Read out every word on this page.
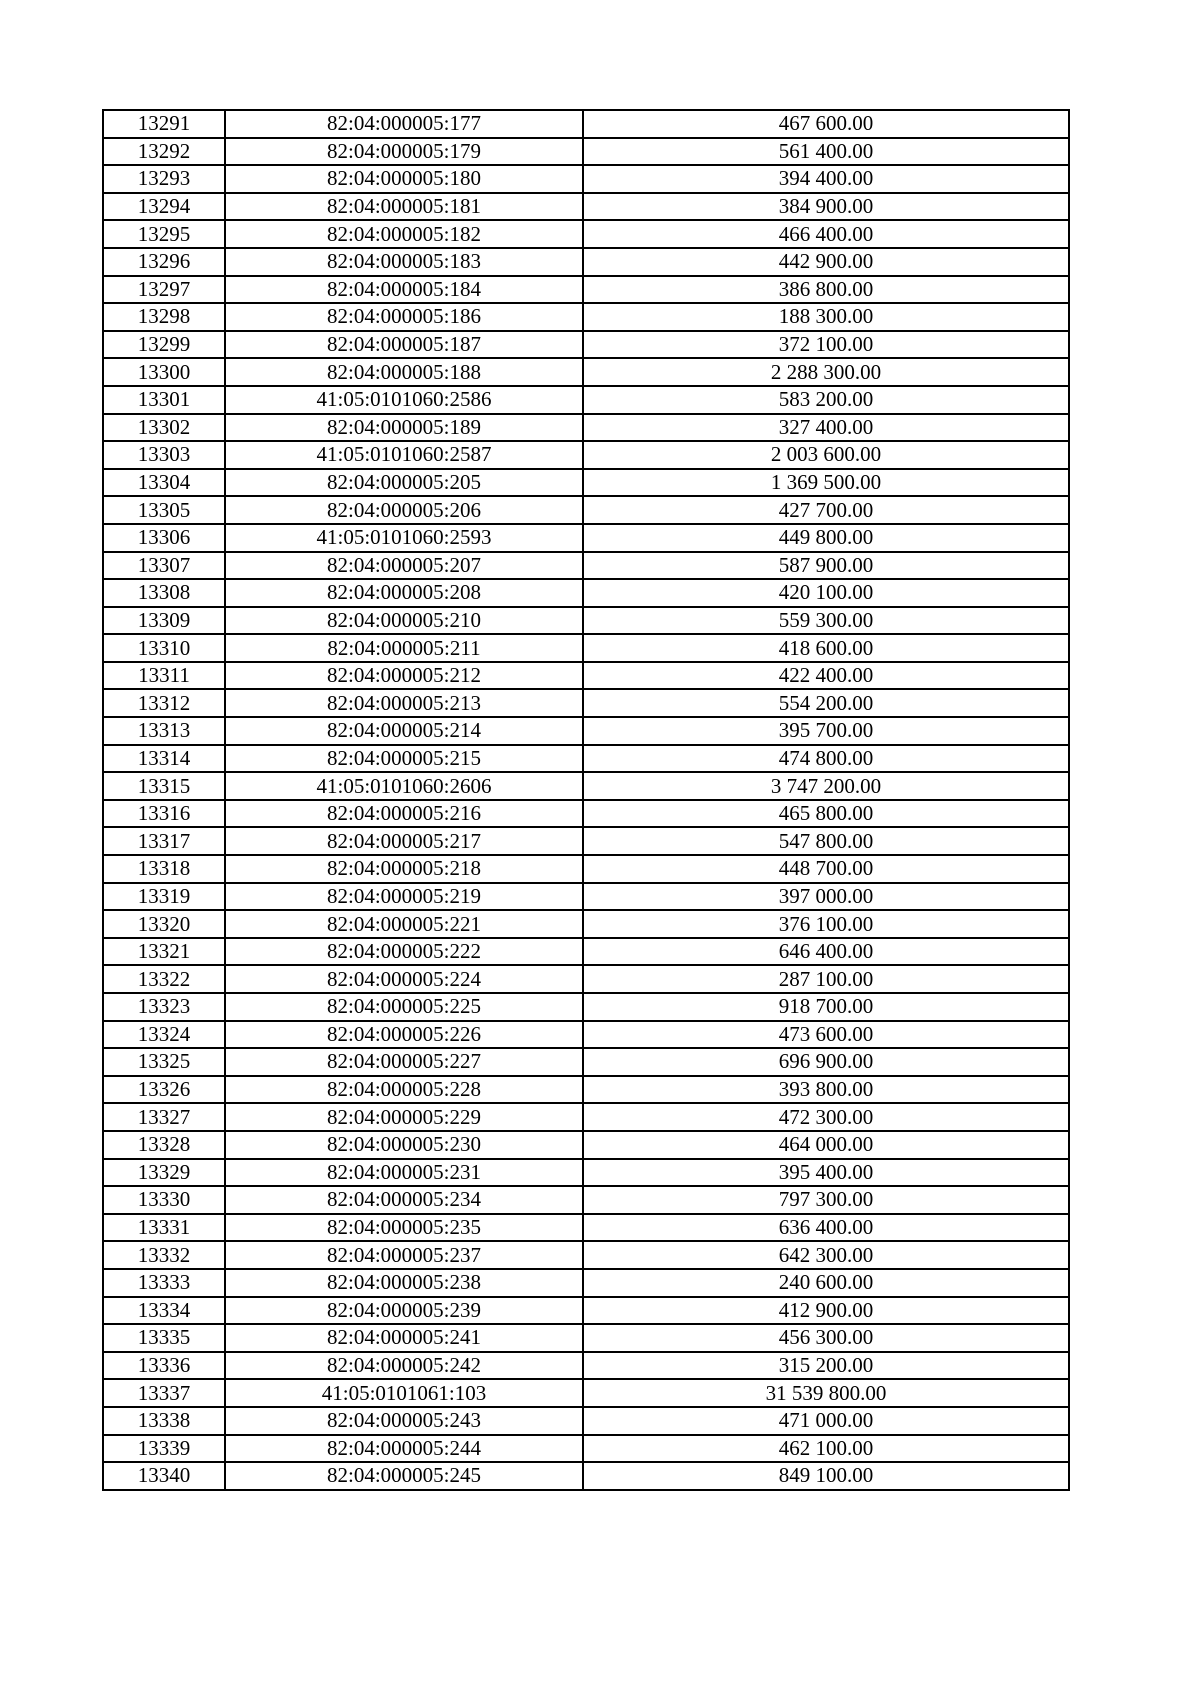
13291	82:04:000005:177	467 600.00
13292	82:04:000005:179	561 400.00
13293	82:04:000005:180	394 400.00
13294	82:04:000005:181	384 900.00
13295	82:04:000005:182	466 400.00
13296	82:04:000005:183	442 900.00
13297	82:04:000005:184	386 800.00
13298	82:04:000005:186	188 300.00
13299	82:04:000005:187	372 100.00
13300	82:04:000005:188	2 288 300.00
13301	41:05:0101060:2586	583 200.00
13302	82:04:000005:189	327 400.00
13303	41:05:0101060:2587	2 003 600.00
13304	82:04:000005:205	1 369 500.00
13305	82:04:000005:206	427 700.00
13306	41:05:0101060:2593	449 800.00
13307	82:04:000005:207	587 900.00
13308	82:04:000005:208	420 100.00
13309	82:04:000005:210	559 300.00
13310	82:04:000005:211	418 600.00
13311	82:04:000005:212	422 400.00
13312	82:04:000005:213	554 200.00
13313	82:04:000005:214	395 700.00
13314	82:04:000005:215	474 800.00
13315	41:05:0101060:2606	3 747 200.00
13316	82:04:000005:216	465 800.00
13317	82:04:000005:217	547 800.00
13318	82:04:000005:218	448 700.00
13319	82:04:000005:219	397 000.00
13320	82:04:000005:221	376 100.00
13321	82:04:000005:222	646 400.00
13322	82:04:000005:224	287 100.00
13323	82:04:000005:225	918 700.00
13324	82:04:000005:226	473 600.00
13325	82:04:000005:227	696 900.00
13326	82:04:000005:228	393 800.00
13327	82:04:000005:229	472 300.00
13328	82:04:000005:230	464 000.00
13329	82:04:000005:231	395 400.00
13330	82:04:000005:234	797 300.00
13331	82:04:000005:235	636 400.00
13332	82:04:000005:237	642 300.00
13333	82:04:000005:238	240 600.00
13334	82:04:000005:239	412 900.00
13335	82:04:000005:241	456 300.00
13336	82:04:000005:242	315 200.00
13337	41:05:0101061:103	31 539 800.00
13338	82:04:000005:243	471 000.00
13339	82:04:000005:244	462 100.00
13340	82:04:000005:245	849 100.00
